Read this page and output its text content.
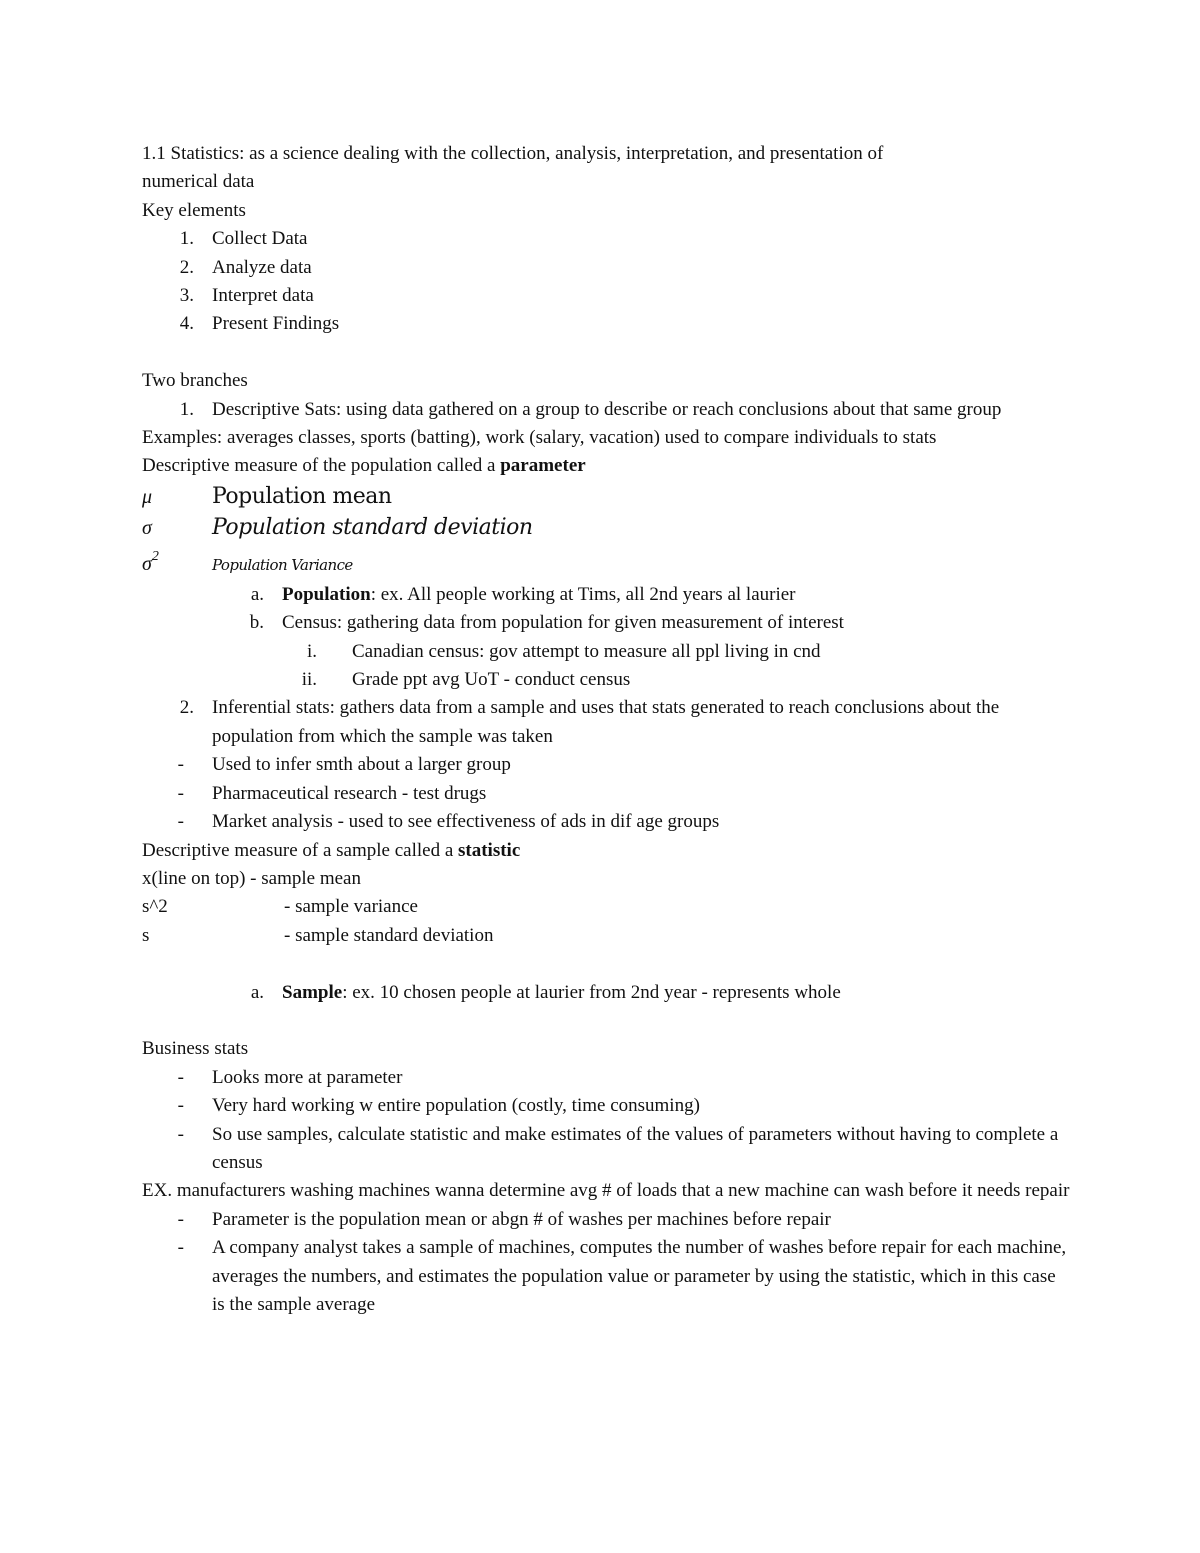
1.1 Statistics: as a science dealing with the collection, analysis, interpretation, and presentation of
numerical data
Key elements
1. Collect Data
2. Analyze data
3. Interpret data
4. Present Findings
Two branches
1. Descriptive Sats: using data gathered on a group to describe or reach conclusions about that same group
Examples: averages classes, sports (batting), work (salary, vacation) used to compare individuals to stats
Descriptive measure of the population called a parameter
μ	Population mean
σ	Population standard deviation
$\sigma^2$	Population Variance
a. Population: ex. All people working at Tims, all 2nd years al laurier
b. Census: gathering data from population for given measurement of interest
i.	Canadian census: gov attempt to measure all ppl living in cnd
ii.	Grade ppt avg UoT - conduct census
2. Inferential stats: gathers data from a sample and uses that stats generated to reach conclusions about the population from which the sample was taken
-	Used to infer smth about a larger group
-	Pharmaceutical research - test drugs
-	Market analysis - used to see effectiveness of ads in dif age groups
Descriptive measure of a sample called a statistic
x(line on top) - sample mean
s^2	- sample variance
s	- sample standard deviation
a. Sample: ex. 10 chosen people at laurier from 2nd year - represents whole
Business stats
-	Looks more at parameter
-	Very hard working w entire population (costly, time consuming)
-	So use samples, calculate statistic and make estimates of the values of parameters without having to complete a census
EX. manufacturers washing machines wanna determine avg # of loads that a new machine can wash before it needs repair
-	Parameter is the population mean or abgn # of washes per machines before repair
-	A company analyst takes a sample of machines, computes the number of washes before repair for each machine, averages the numbers, and estimates the population value or parameter by using the statistic, which in this case is the sample average
